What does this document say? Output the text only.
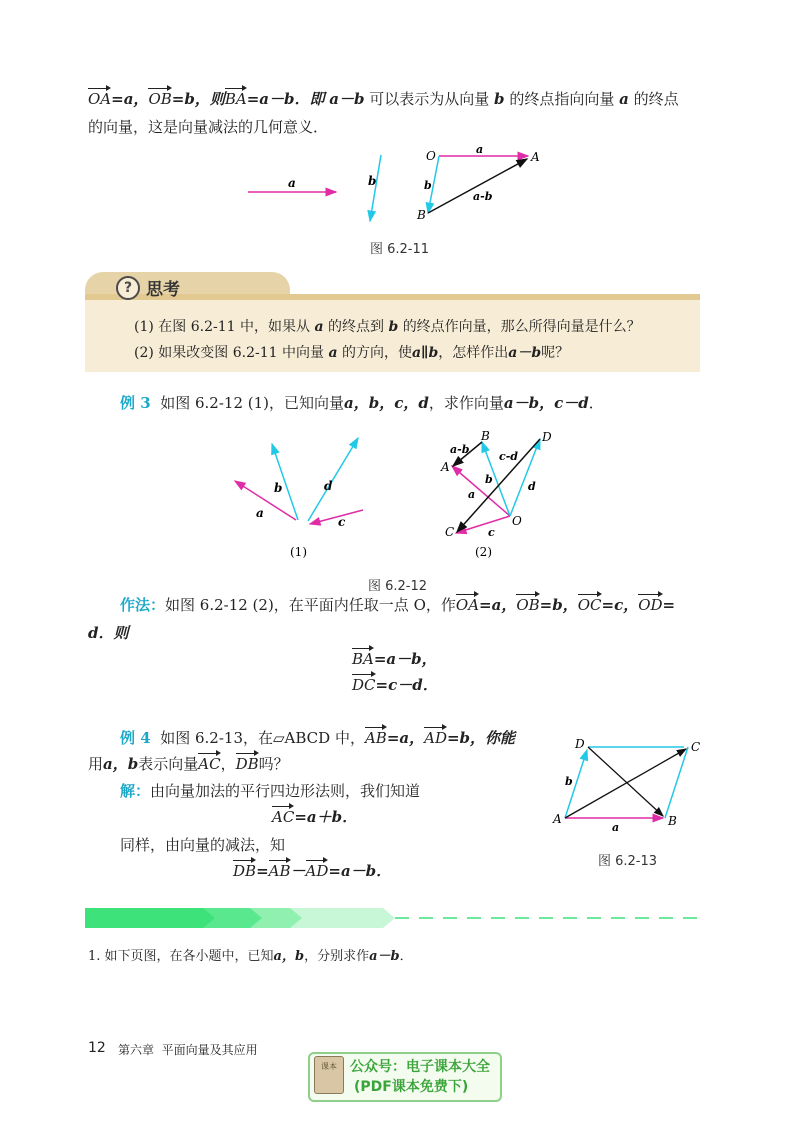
OA=a，OB=b，则BA=a－b．即 a－b 可以表示为从向量 b 的终点指向向量 a 的终点
的向量，这是向量减法的几何意义．
a	b
O	A
B
a
b
a-b
图 6.2-11
? 思考
(1) 在图 6.2-11 中，如果从 a 的终点到 b 的终点作向量，那么所得向量是什么？
(2) 如果改变图 6.2-11 中向量 a 的方向，使a∥b，怎样作出a－b呢？
例 3 如图 6.2-12 (1)，已知向量a，b，c，d，求作向量a－b，c－d．
a
b	d
c
(1)
A
B	D
C
O
a-b
c-d
b
a
d
c
(2)
图 6.2-12
作法：如图 6.2-12 (2)，在平面内任取一点 O，作OA=a，OB=b，OC=c，OD=
d．则
BA=a－b，
DC=c－d．
例 4 如图 6.2-13，在▱ABCD 中，AB=a，AD=b，你能
用a，b表示向量AC，DB吗？
解：由向量加法的平行四边形法则，我们知道
AC=a＋b．
同样，由向量的减法，知
DB=AB－AD=a－b．
A	B
C
D
a
b
图 6.2-13
1. 如下页图，在各小题中，已知a，b，分别求作a－b．
12 第六章 平面向量及其应用
课本 公众号：电子课本大全
(PDF课本免费下)
